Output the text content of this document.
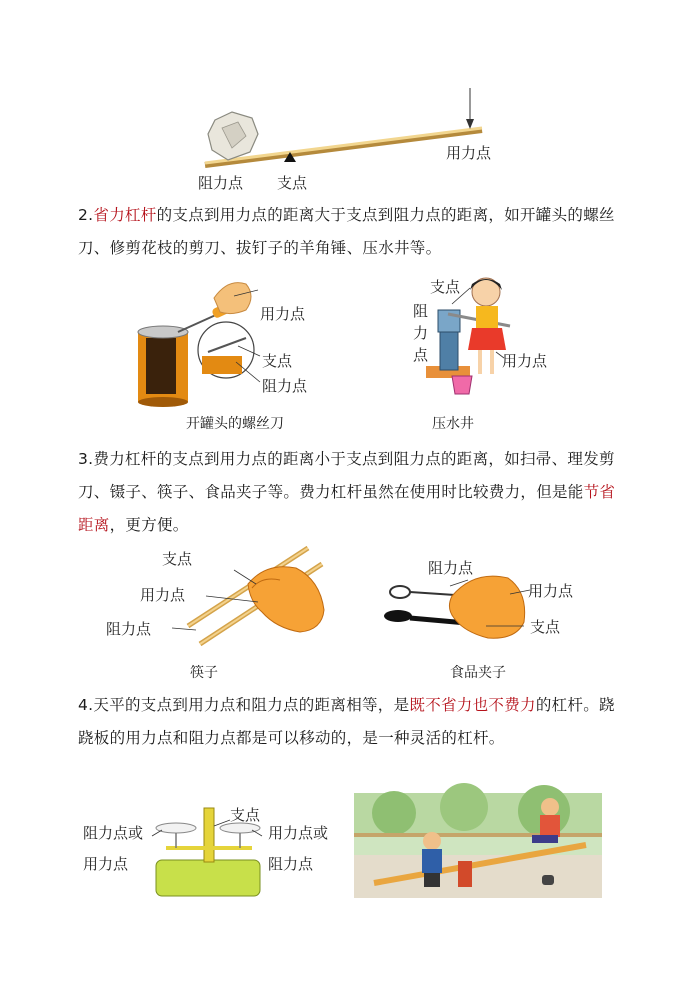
阻力点 支点
用力点
2.省力杠杆的支点到用力点的距离大于支点到阻力点的距离，如开罐头的螺丝
刀、修剪花枝的剪刀、拔钉子的羊角锤、压水井等。
用力点
支点
阻力点
开罐头的螺丝刀
支点
阻
力
点	用力点
压水井
3.费力杠杆的支点到用力点的距离小于支点到阻力点的距离，如扫帚、理发剪
刀、镊子、筷子、食品夹子等。费力杠杆虽然在使用时比较费力，但是能节省
距离，更方便。
支点
用力点
阻力点
筷子
阻力点
用力点
支点
食品夹子
4.天平的支点到用力点和阻力点的距离相等，是既不省力也不费力的杠杆。跷
跷板的用力点和阻力点都是可以移动的，是一种灵活的杠杆。
阻力点或
用力点
支点
用力点或
阻力点
